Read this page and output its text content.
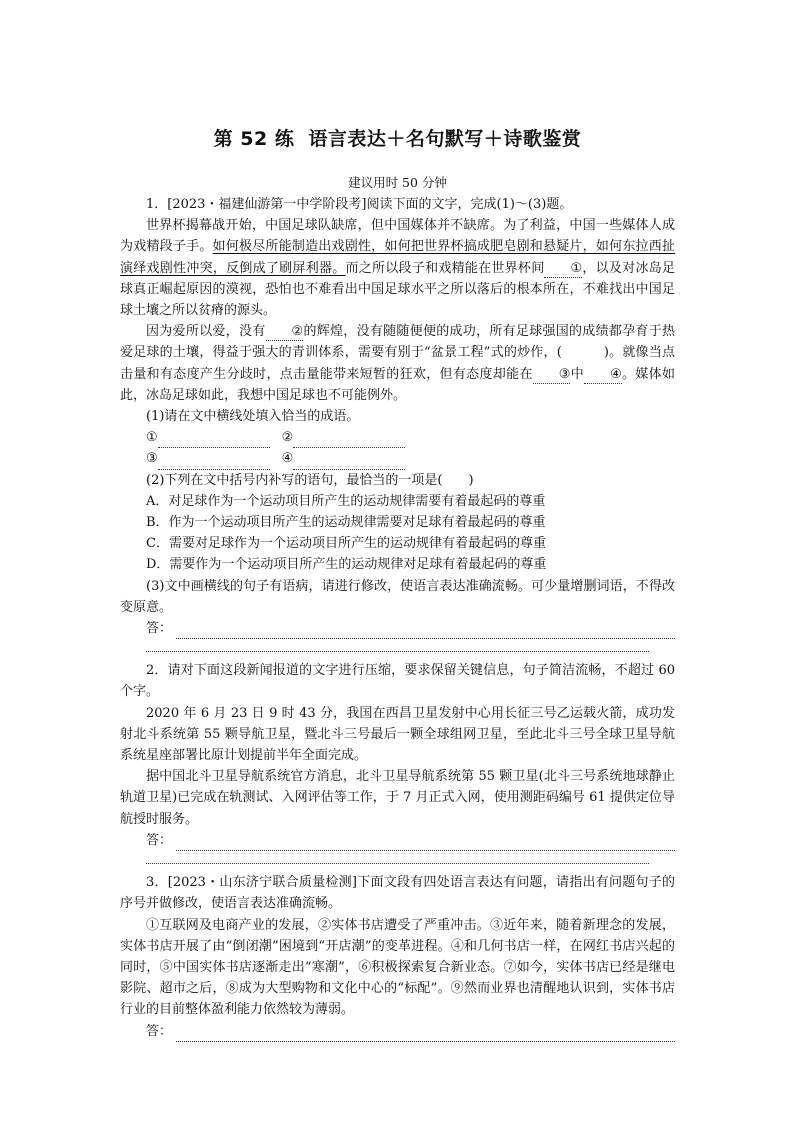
第 52 练 语言表达＋名句默写＋诗歌鉴赏
建议用时 50 分钟

1．[2023・福建仙游第一中学阶段考]阅读下面的文字，完成(1)～(3)题。

世界杯揭幕战开始，中国足球队缺席，但中国媒体并不缺席。为了利益，中国一些媒体人成为戏精段子手。如何极尽所能制造出戏剧性，如何把世界杯搞成肥皂剧和悬疑片，如何东拉西扯演绎戏剧性冲突，反倒成了刷屏利器。而之所以段子和戏精能在世界杯间 ①，以及对冰岛足球真正崛起原因的漠视，恐怕也不难看出中国足球水平之所以落后的根本所在，不难找出中国足球土壤之所以贫瘠的源头。

因为爱所以爱，没有 ②的辉煌，没有随随便便的成功，所有足球强国的成绩都孕育于热爱足球的土壤，得益于强大的青训体系，需要有别于“盆景工程”式的炒作，(	)。就像当点击量和有态度产生分歧时，点击量能带来短暂的狂欢，但有态度却能在 ③中 ④。媒体如此，冰岛足球如此，我想中国足球也不可能例外。

(1)请在文中横线处填入恰当的成语。

①	②

③	④

(2)下列在文中括号内补写的语句，最恰当的一项是(　　)

A．对足球作为一个运动项目所产生的运动规律需要有着最起码的尊重

B．作为一个运动项目所产生的运动规律需要对足球有着最起码的尊重

C．需要对足球作为一个运动项目所产生的运动规律有着最起码的尊重

D．需要作为一个运动项目所产生的运动规律对足球有着最起码的尊重

(3)文中画横线的句子有语病，请进行修改，使语言表达准确流畅。可少量增删词语，不得改变原意。

答：

2．请对下面这段新闻报道的文字进行压缩，要求保留关键信息，句子简洁流畅，不超过 60 个字。

2020 年 6 月 23 日 9 时 43 分，我国在西昌卫星发射中心用长征三号乙运载火箭，成功发射北斗系统第 55 颗导航卫星，暨北斗三号最后一颗全球组网卫星，至此北斗三号全球卫星导航系统星座部署比原计划提前半年全面完成。

据中国北斗卫星导航系统官方消息，北斗卫星导航系统第 55 颗卫星(北斗三号系统地球静止轨道卫星)已完成在轨测试、入网评估等工作，于 7 月正式入网，使用测距码编号 61 提供定位导航授时服务。

答：

3．[2023・山东济宁联合质量检测]下面文段有四处语言表达有问题，请指出有问题句子的序号并做修改，使语言表达准确流畅。

①互联网及电商产业的发展，②实体书店遭受了严重冲击。③近年来，随着新理念的发展，实体书店开展了由“倒闭潮”困境到“开店潮”的变革进程。④和几何书店一样，在网红书店兴起的同时，⑤中国实体书店逐渐走出“寒潮”，⑥积极探索复合新业态。⑦如今，实体书店已经是继电影院、超市之后，⑧成为大型购物和文化中心的“标配”。⑨然而业界也清醒地认识到，实体书店行业的目前整体盈利能力依然较为薄弱。

答：
